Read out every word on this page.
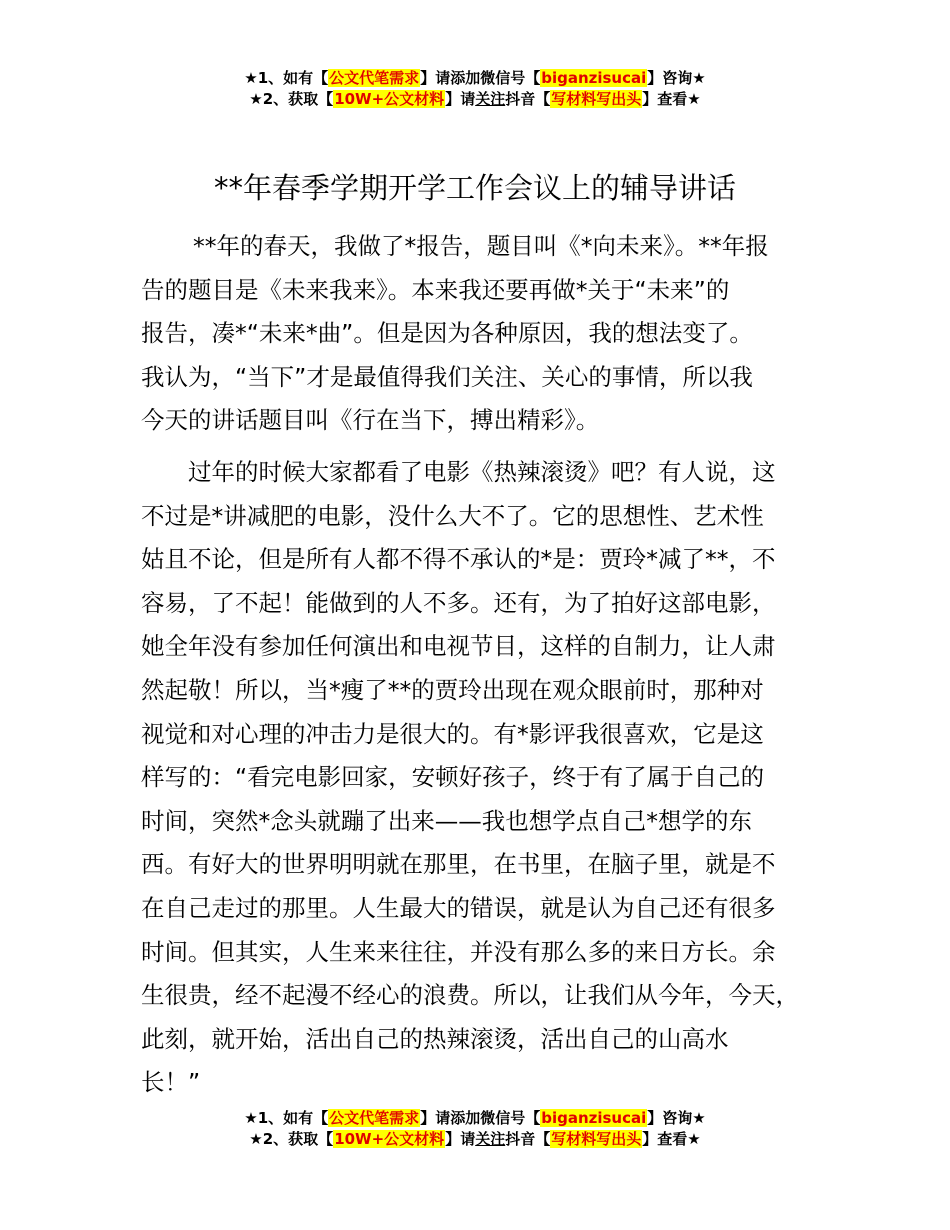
★1、如有【公文代笔需求】请添加微信号【biganzisucai】咨询★
★2、获取【10W+公文材料】请关注抖音【写材料写出头】查看★
**年春季学期开学工作会议上的辅导讲话

**年的春天，我做了*报告，题目叫《*向未来》。**年报
告的题目是《未来我来》。本来我还要再做*关于“未来”的
报告，凑*“未来*曲”。但是因为各种原因，我的想法变了。
我认为，“当下”才是最值得我们关注、关心的事情，所以我
今天的讲话题目叫《行在当下，搏出精彩》。

过年的时候大家都看了电影《热辣滚烫》吧？有人说，这
不过是*讲减肥的电影，没什么大不了。它的思想性、艺术性
姑且不论，但是所有人都不得不承认的*是：贾玲*减了**，不
容易，了不起！能做到的人不多。还有，为了拍好这部电影，
她全年没有参加任何演出和电视节目，这样的自制力，让人肃
然起敬！所以，当*瘦了**的贾玲出现在观众眼前时，那种对
视觉和对心理的冲击力是很大的。有*影评我很喜欢，它是这
样写的：“看完电影回家，安顿好孩子，终于有了属于自己的
时间，突然*念头就蹦了出来——我也想学点自己*想学的东
西。有好大的世界明明就在那里，在书里，在脑子里，就是不
在自己走过的那里。人生最大的错误，就是认为自己还有很多
时间。但其实，人生来来往往，并没有那么多的来日方长。余
生很贵，经不起漫不经心的浪费。所以，让我们从今年，今天，
此刻，就开始，活出自己的热辣滚烫，活出自己的山高水
长！”

★1、如有【公文代笔需求】请添加微信号【biganzisucai】咨询★
★2、获取【10W+公文材料】请关注抖音【写材料写出头】查看★
